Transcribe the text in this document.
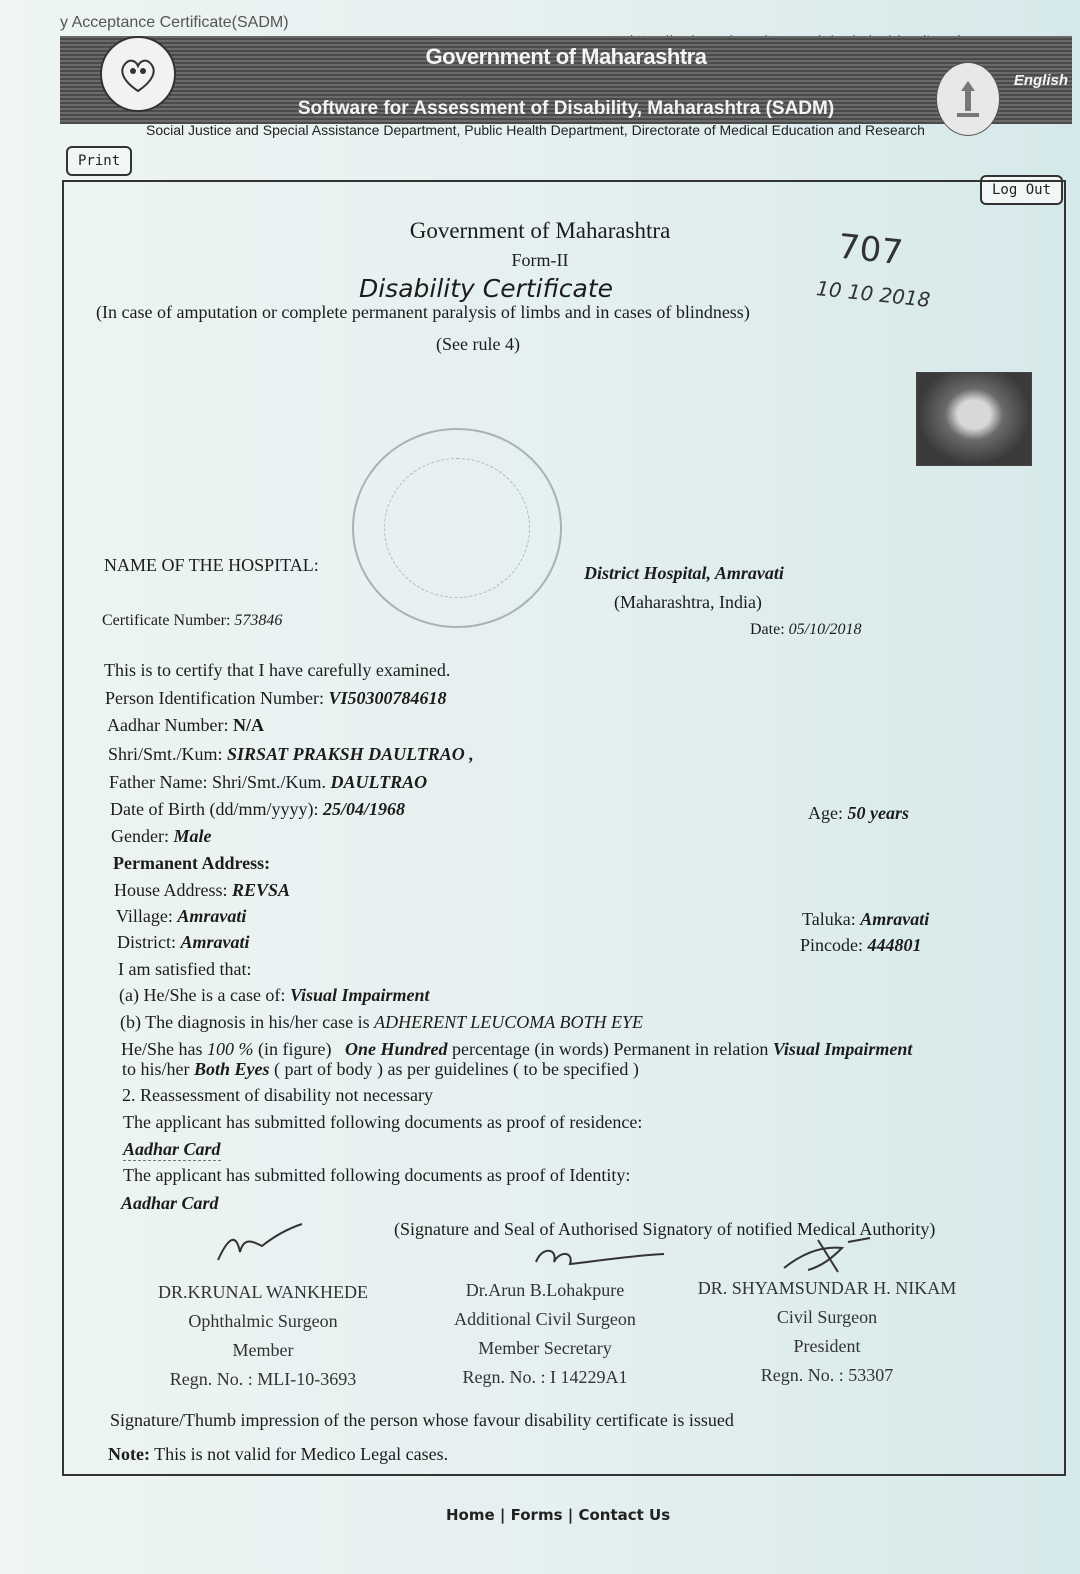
y Acceptance Certificate(SADM)
Government of Maharashtra
Software for Assessment of Disability, Maharashtra (SADM)
English
Social Justice and Special Assistance Department, Public Health Department, Directorate of Medical Education and Research
Print
Log Out
707
10 10 2018
Government of Maharashtra
Form-II
Disability Certificate
(In case of amputation or complete permanent paralysis of limbs and in cases of blindness)
(See rule 4)
NAME OF THE HOSPITAL:	District Hospital, Amravati
(Maharashtra, India)
Certificate Number: 573846
Date: 05/10/2018
This is to certify that I have carefully examined.
Person Identification Number: VI50300784618
Aadhar Number: N/A
Shri/Smt./Kum: SIRSAT PRAKSH DAULTRAO ,
Father Name: Shri/Smt./Kum. DAULTRAO
Date of Birth (dd/mm/yyyy): 25/04/1968	Age: 50 years
Gender: Male
Permanent Address:
House Address: REVSA
Village: Amravati	Taluka: Amravati
District: Amravati	Pincode: 444801
I am satisfied that:
(a) He/She is a case of: Visual Impairment
(b) The diagnosis in his/her case is ADHERENT LEUCOMA BOTH EYE
He/She has 100 % (in figure) One Hundred percentage (in words) Permanent in relation Visual Impairment
to his/her Both Eyes ( part of body ) as per guidelines ( to be specified )
2. Reassessment of disability not necessary
The applicant has submitted following documents as proof of residence:
Aadhar Card
The applicant has submitted following documents as proof of Identity:
Aadhar Card
(Signature and Seal of Authorised Signatory of notified Medical Authority)
DR.KRUNAL WANKHEDE
Ophthalmic Surgeon
Member
Regn. No. : MLI-10-3693
Dr.Arun B.Lohakpure
Additional Civil Surgeon
Member Secretary
Regn. No. : I 14229A1
DR. SHYAMSUNDAR H. NIKAM
Civil Surgeon
President
Regn. No. : 53307
Signature/Thumb impression of the person whose favour disability certificate is issued
Note: This is not valid for Medico Legal cases.
Home | Forms | Contact Us
